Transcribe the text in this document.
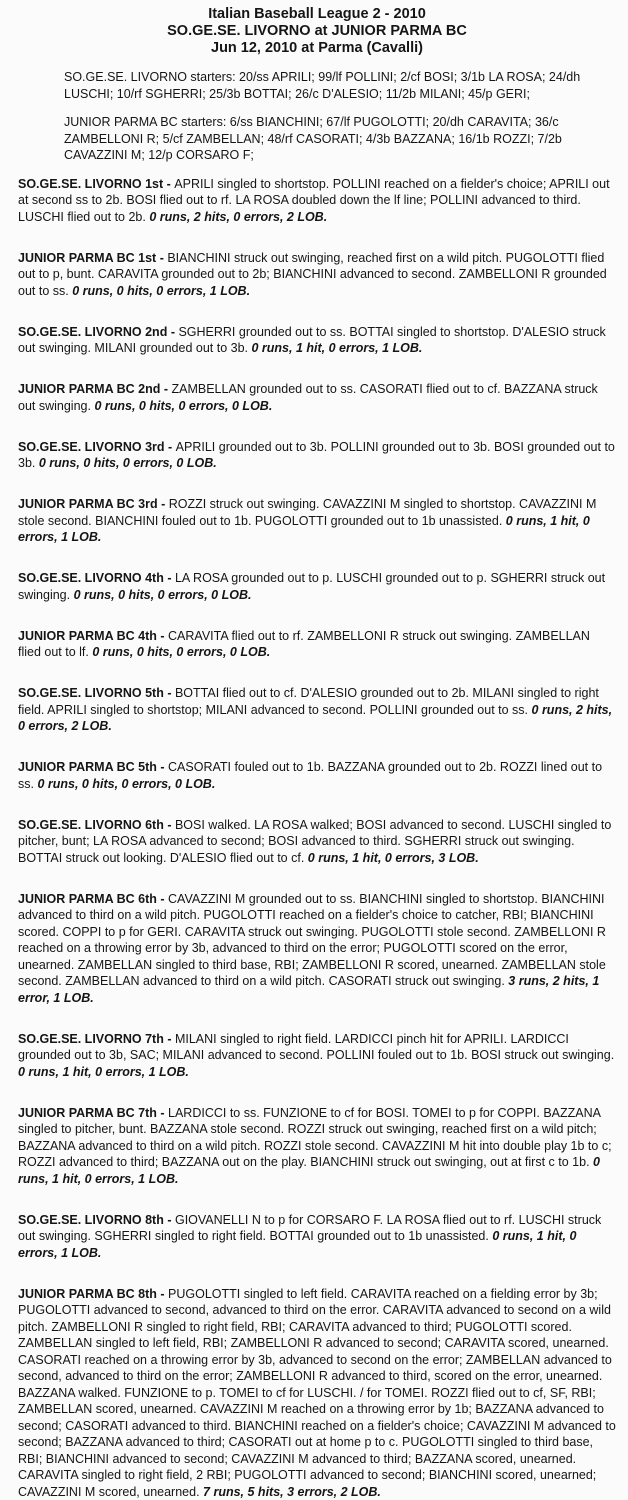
Italian Baseball League 2 - 2010
SO.GE.SE. LIVORNO at JUNIOR PARMA BC
Jun 12, 2010 at Parma (Cavalli)

SO.GE.SE. LIVORNO starters: 20/ss APRILI; 99/lf POLLINI; 2/cf BOSI; 3/1b LA ROSA; 24/dh LUSCHI; 10/rf SGHERRI; 25/3b BOTTAI; 26/c D'ALESIO; 11/2b MILANI; 45/p GERI;

JUNIOR PARMA BC starters: 6/ss BIANCHINI; 67/lf PUGOLOTTI; 20/dh CARAVITA; 36/c ZAMBELLONI R; 5/cf ZAMBELLAN; 48/rf CASORATI; 4/3b BAZZANA; 16/1b ROZZI; 7/2b CAVAZZINI M; 12/p CORSARO F;

SO.GE.SE. LIVORNO 1st - APRILI singled to shortstop. POLLINI reached on a fielder's choice; APRILI out at second ss to 2b. BOSI flied out to rf. LA ROSA doubled down the lf line; POLLINI advanced to third. LUSCHI flied out to 2b. 0 runs, 2 hits, 0 errors, 2 LOB.
JUNIOR PARMA BC 1st - BIANCHINI struck out swinging, reached first on a wild pitch. PUGOLOTTI flied out to p, bunt. CARAVITA grounded out to 2b; BIANCHINI advanced to second. ZAMBELLONI R grounded out to ss. 0 runs, 0 hits, 0 errors, 1 LOB.
SO.GE.SE. LIVORNO 2nd - SGHERRI grounded out to ss. BOTTAI singled to shortstop. D'ALESIO struck out swinging. MILANI grounded out to 3b. 0 runs, 1 hit, 0 errors, 1 LOB.
JUNIOR PARMA BC 2nd - ZAMBELLAN grounded out to ss. CASORATI flied out to cf. BAZZANA struck out swinging. 0 runs, 0 hits, 0 errors, 0 LOB.
SO.GE.SE. LIVORNO 3rd - APRILI grounded out to 3b. POLLINI grounded out to 3b. BOSI grounded out to 3b. 0 runs, 0 hits, 0 errors, 0 LOB.
JUNIOR PARMA BC 3rd - ROZZI struck out swinging. CAVAZZINI M singled to shortstop. CAVAZZINI M stole second. BIANCHINI fouled out to 1b. PUGOLOTTI grounded out to 1b unassisted. 0 runs, 1 hit, 0 errors, 1 LOB.
SO.GE.SE. LIVORNO 4th - LA ROSA grounded out to p. LUSCHI grounded out to p. SGHERRI struck out swinging. 0 runs, 0 hits, 0 errors, 0 LOB.
JUNIOR PARMA BC 4th - CARAVITA flied out to rf. ZAMBELLONI R struck out swinging. ZAMBELLAN flied out to lf. 0 runs, 0 hits, 0 errors, 0 LOB.
SO.GE.SE. LIVORNO 5th - BOTTAI flied out to cf. D'ALESIO grounded out to 2b. MILANI singled to right field. APRILI singled to shortstop; MILANI advanced to second. POLLINI grounded out to ss. 0 runs, 2 hits, 0 errors, 2 LOB.
JUNIOR PARMA BC 5th - CASORATI fouled out to 1b. BAZZANA grounded out to 2b. ROZZI lined out to ss. 0 runs, 0 hits, 0 errors, 0 LOB.
SO.GE.SE. LIVORNO 6th - BOSI walked. LA ROSA walked; BOSI advanced to second. LUSCHI singled to pitcher, bunt; LA ROSA advanced to second; BOSI advanced to third. SGHERRI struck out swinging. BOTTAI struck out looking. D'ALESIO flied out to cf. 0 runs, 1 hit, 0 errors, 3 LOB.
JUNIOR PARMA BC 6th - CAVAZZINI M grounded out to ss. BIANCHINI singled to shortstop. BIANCHINI advanced to third on a wild pitch. PUGOLOTTI reached on a fielder's choice to catcher, RBI; BIANCHINI scored. COPPI to p for GERI. CARAVITA struck out swinging. PUGOLOTTI stole second. ZAMBELLONI R reached on a throwing error by 3b, advanced to third on the error; PUGOLOTTI scored on the error, unearned. ZAMBELLAN singled to third base, RBI; ZAMBELLONI R scored, unearned. ZAMBELLAN stole second. ZAMBELLAN advanced to third on a wild pitch. CASORATI struck out swinging. 3 runs, 2 hits, 1 error, 1 LOB.
SO.GE.SE. LIVORNO 7th - MILANI singled to right field. LARDICCI pinch hit for APRILI. LARDICCI grounded out to 3b, SAC; MILANI advanced to second. POLLINI fouled out to 1b. BOSI struck out swinging. 0 runs, 1 hit, 0 errors, 1 LOB.
JUNIOR PARMA BC 7th - LARDICCI to ss. FUNZIONE to cf for BOSI. TOMEI to p for COPPI. BAZZANA singled to pitcher, bunt. BAZZANA stole second. ROZZI struck out swinging, reached first on a wild pitch; BAZZANA advanced to third on a wild pitch. ROZZI stole second. CAVAZZINI M hit into double play 1b to c; ROZZI advanced to third; BAZZANA out on the play. BIANCHINI struck out swinging, out at first c to 1b. 0 runs, 1 hit, 0 errors, 1 LOB.
SO.GE.SE. LIVORNO 8th - GIOVANELLI N to p for CORSARO F. LA ROSA flied out to rf. LUSCHI struck out swinging. SGHERRI singled to right field. BOTTAI grounded out to 1b unassisted. 0 runs, 1 hit, 0 errors, 1 LOB.
JUNIOR PARMA BC 8th - PUGOLOTTI singled to left field. CARAVITA reached on a fielding error by 3b; PUGOLOTTI advanced to second, advanced to third on the error. CARAVITA advanced to second on a wild pitch. ZAMBELLONI R singled to right field, RBI; CARAVITA advanced to third; PUGOLOTTI scored. ZAMBELLAN singled to left field, RBI; ZAMBELLONI R advanced to second; CARAVITA scored, unearned. CASORATI reached on a throwing error by 3b, advanced to second on the error; ZAMBELLAN advanced to second, advanced to third on the error; ZAMBELLONI R advanced to third, scored on the error, unearned. BAZZANA walked. FUNZIONE to p. TOMEI to cf for LUSCHI. / for TOMEI. ROZZI flied out to cf, SF, RBI; ZAMBELLAN scored, unearned. CAVAZZINI M reached on a throwing error by 1b; BAZZANA advanced to second; CASORATI advanced to third. BIANCHINI reached on a fielder's choice; CAVAZZINI M advanced to second; BAZZANA advanced to third; CASORATI out at home p to c. PUGOLOTTI singled to third base, RBI; BIANCHINI advanced to second; CAVAZZINI M advanced to third; BAZZANA scored, unearned. CARAVITA singled to right field, 2 RBI; PUGOLOTTI advanced to second; BIANCHINI scored, unearned; CAVAZZINI M scored, unearned. 7 runs, 5 hits, 3 errors, 2 LOB.
